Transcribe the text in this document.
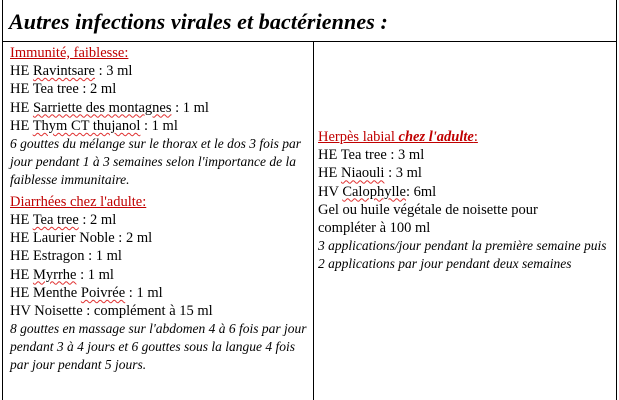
Autres infections virales et bactériennes :
Immunité, faiblesse:
HE Ravintsare : 3 ml
HE Tea tree : 2 ml
HE Sarriette des montagnes : 1 ml
HE Thym CT thujanol : 1 ml
6 gouttes du mélange sur le thorax et le dos 3 fois par jour pendant 1 à 3 semaines selon l'importance de la faiblesse immunitaire.
Diarrhées chez l'adulte:
HE Tea tree : 2 ml
HE Laurier Noble : 2 ml
HE Estragon : 1 ml
HE Myrrhe : 1 ml
HE Menthe Poivrée : 1 ml
HV Noisette : complément à 15 ml
8 gouttes en massage sur l'abdomen 4 à 6 fois par jour pendant 3 à 4 jours et 6 gouttes sous la langue 4 fois par jour pendant 5 jours.
Herpès labial chez l'adulte:
HE Tea tree : 3 ml
HE Niaouli : 3 ml
HV Calophylle: 6ml
Gel ou huile végétale de noisette pour
compléter à 100 ml
3 applications/jour pendant la première semaine puis 2 applications par jour pendant deux semaines
